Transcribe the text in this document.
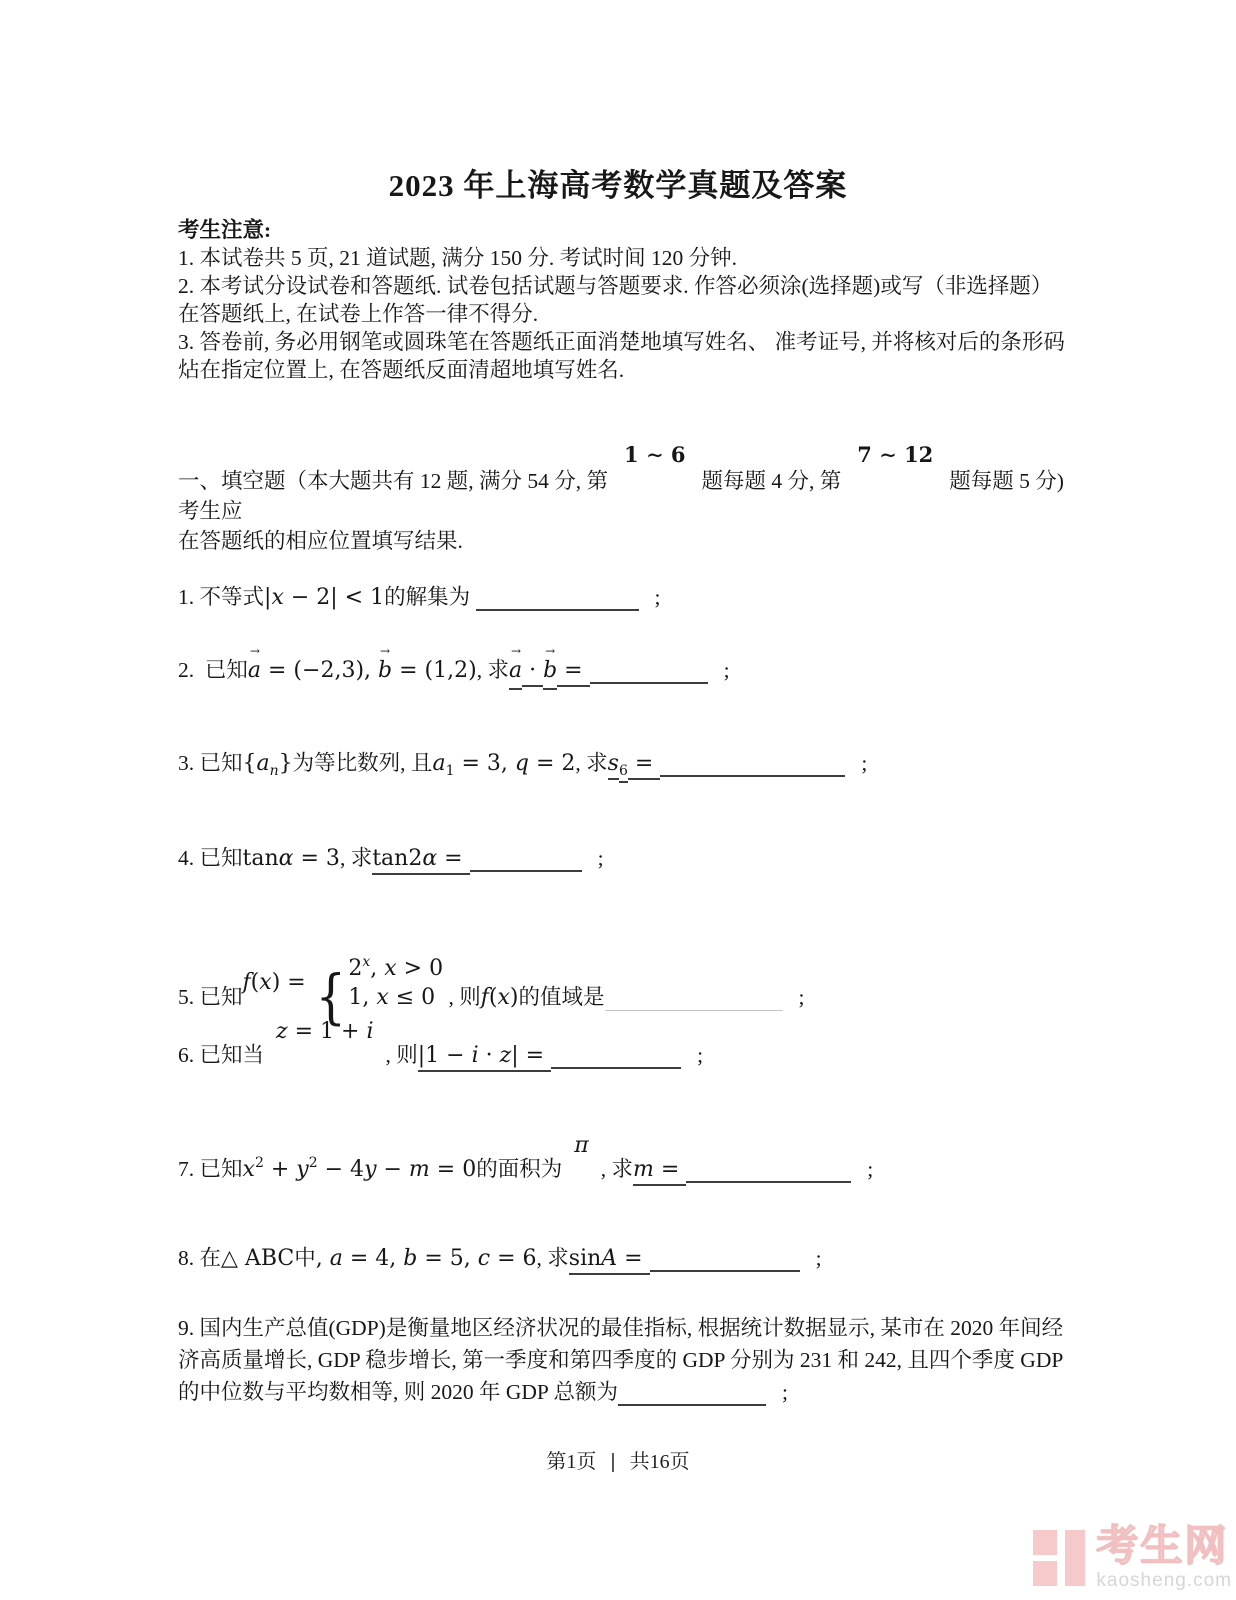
2023 年上海高考数学真题及答案

考生注意:

1. 本试卷共 5 页, 21 道试题, 满分 150 分. 考试时间 120 分钟.

2. 本考试分设试卷和答题纸. 试卷包括试题与答题要求. 作答必须涂(选择题)或写（非选择题）在答题纸上, 在试卷上作答一律不得分.

3. 答卷前, 务必用钢笔或圆珠笔在答题纸正面消楚地填写姓名、 准考证号, 并将核对后的条形码炶在指定位置上, 在答题纸反面清超地填写姓名.

一、填空题（本大题共有 12 题, 满分 54 分, 第1 ∼ 6题每题 4 分, 第7 ∼ 12题每题 5 分)考生应
在答题纸的相应位置填写结果.
1. 不等式|x − 2| < 1的解集为	;
2.  已知
→
a = (−2,3),
→
b = (1,2), 求
→
a ·
→
b =	;
3. 已知$\{a_n\}$为等比数列, 且$a_1 = 3$, q = 2, 求$s_6$ =	;
4. 已知tanα = 3, 求tan2α =	;
5. 已知f(x) = { 2$^x$, x > 0
1, x ≤ 0 , 则f(x)的值域是	;
6. 已知当z = 1 + i, 则|1 − i · z| =	;
7. 已知$x^2 + y^2 - 4y - m = 0$的面积为π, 求m =	;
8. 在△ ABC中, a = 4, b = 5, c = 6, 求sinA =	;
9. 国内生产总值(GDP)是衡量地区经济状况的最佳指标, 根据统计数据显示, 某市在 2020 年间经济高质量增长, GDP 稳步增长, 第一季度和第四季度的 GDP 分别为 231 和 242, 且四个季度 GDP 的中位数与平均数相等, 则 2020 年 GDP 总额为	;
第1页 | 共16页
考生网
kaosheng.com
